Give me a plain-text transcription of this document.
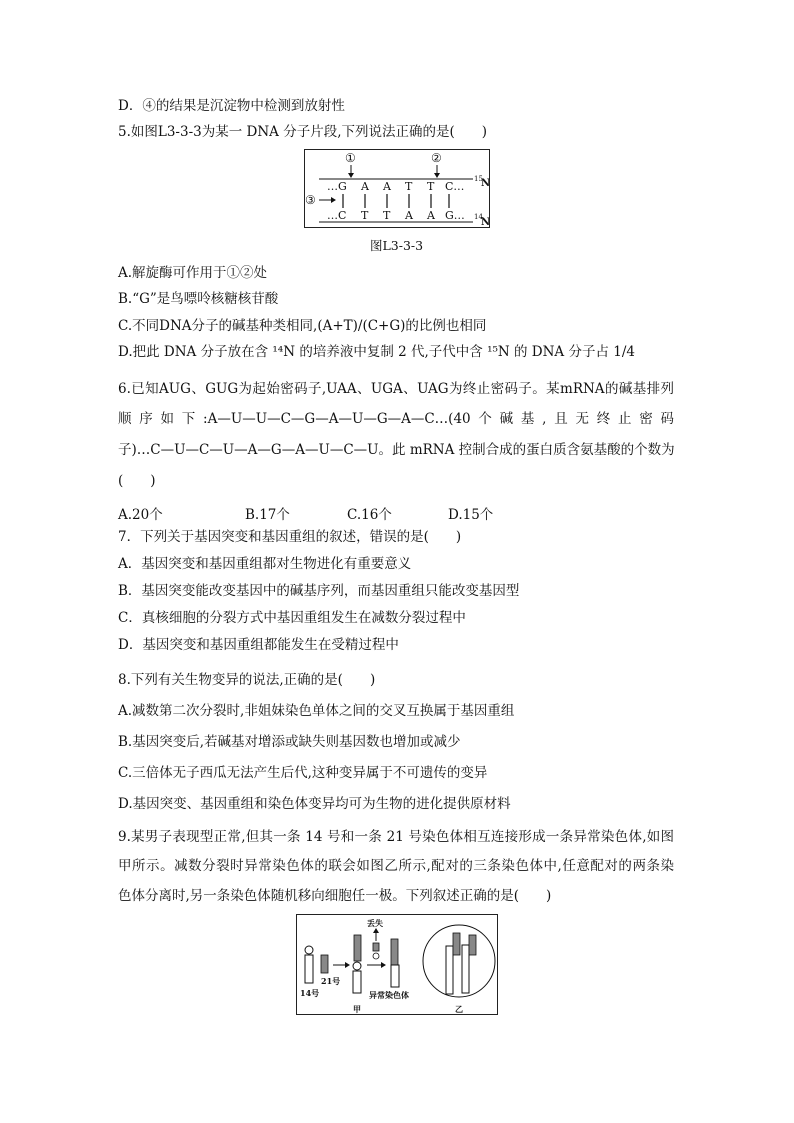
D．④的结果是沉淀物中检测到放射性
5.如图L3-3-3为某一 DNA 分子片段,下列说法正确的是(　　)
①	②
…G A A T T C…
15
N
③
…C T T A A G… 14
N
图L3-3-3
A.解旋酶可作用于①②处
B.“G”是鸟嘌呤核糖核苷酸
C.不同DNA分子的碱基种类相同,(A+T)/(C+G)的比例也相同
D.把此 DNA 分子放在含 ¹⁴N 的培养液中复制 2 代,子代中含 ¹⁵N 的 DNA 分子占 1/4
6.已知AUG、GUG为起始密码子,UAA、UGA、UAG为终止密码子。某mRNA的碱基排列
顺序如下:A—U—U—C—G—A—U—G—A—C…(40个碱基,且无终止密码
子)…C—U—C—U—A—G—A—U—C—U。此 mRNA 控制合成的蛋白质含氨基酸的个数为
(　　)
A.20个	B.17个	C.16个	D.15个
7．下列关于基因突变和基因重组的叙述，错误的是(　　)
A．基因突变和基因重组都对生物进化有重要意义
B．基因突变能改变基因中的碱基序列，而基因重组只能改变基因型
C．真核细胞的分裂方式中基因重组发生在减数分裂过程中
D．基因突变和基因重组都能发生在受精过程中
8.下列有关生物变异的说法,正确的是(　　)
A.减数第二次分裂时,非姐妹染色单体之间的交叉互换属于基因重组
B.基因突变后,若碱基对增添或缺失则基因数也增加或减少
C.三倍体无子西瓜无法产生后代,这种变异属于不可遗传的变异
D.基因突变、基因重组和染色体变异均可为生物的进化提供原材料
9.某男子表现型正常,但其一条 14 号和一条 21 号染色体相互连接形成一条异常染色体,如图
甲所示。减数分裂时异常染色体的联会如图乙所示,配对的三条染色体中,任意配对的两条染
色体分离时,另一条染色体随机移向细胞任一极。下列叙述正确的是(　　)
14号
21号
丢失
异常染色体
甲	乙
